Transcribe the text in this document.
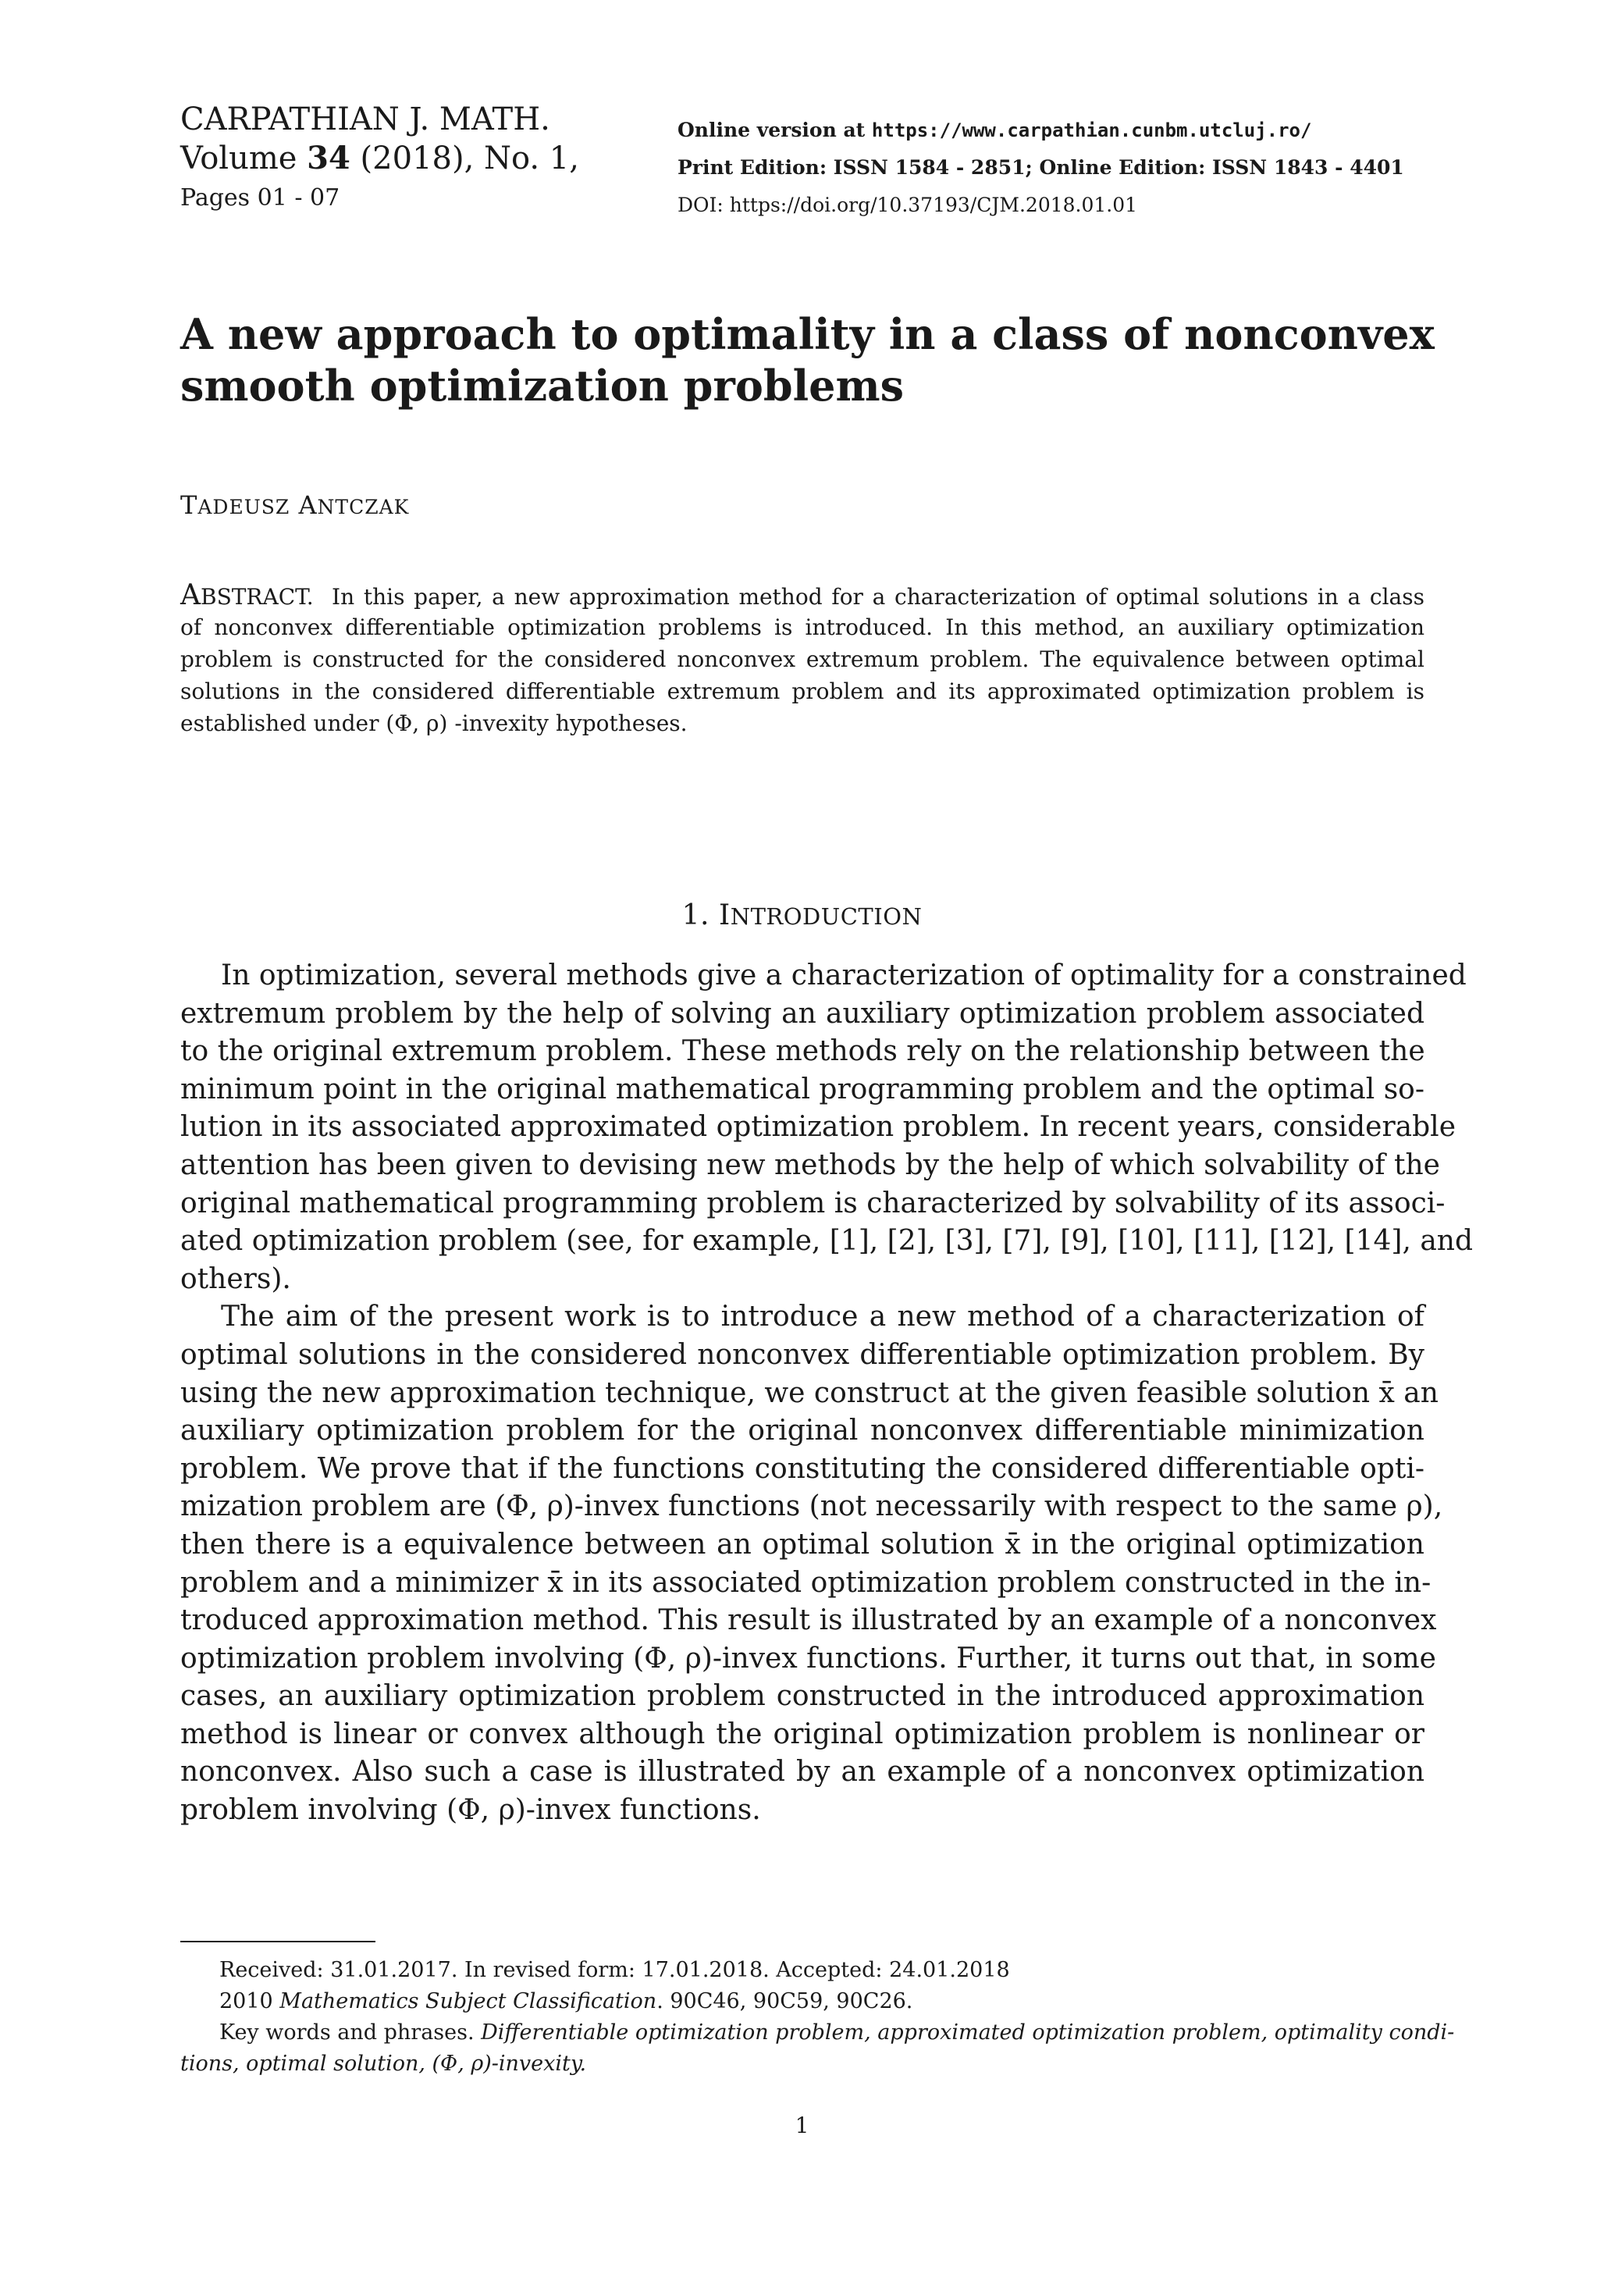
CARPATHIAN J. MATH.
Volume 34 (2018), No. 1,
Pages 01 - 07
Online version at https://www.carpathian.cunbm.utcluj.ro/
Print Edition: ISSN 1584 - 2851; Online Edition: ISSN 1843 - 4401
DOI: https://doi.org/10.37193/CJM.2018.01.01
A new approach to optimality in a class of nonconvex
smooth optimization problems
TADEUSZ ANTCZAK
ABSTRACT. In this paper, a new approximation method for a characterization of optimal solutions in a class
of nonconvex differentiable optimization problems is introduced. In this method, an auxiliary optimization
problem is constructed for the considered nonconvex extremum problem. The equivalence between optimal
solutions in the considered differentiable extremum problem and its approximated optimization problem is
established under (Φ, ρ) -invexity hypotheses.
1. INTRODUCTION
In optimization, several methods give a characterization of optimality for a constrained
extremum problem by the help of solving an auxiliary optimization problem associated
to the original extremum problem. These methods rely on the relationship between the
minimum point in the original mathematical programming problem and the optimal so-
lution in its associated approximated optimization problem. In recent years, considerable
attention has been given to devising new methods by the help of which solvability of the
original mathematical programming problem is characterized by solvability of its associ-
ated optimization problem (see, for example, [1], [2], [3], [7], [9], [10], [11], [12], [14], and
others).
The aim of the present work is to introduce a new method of a characterization of
optimal solutions in the considered nonconvex differentiable optimization problem. By
using the new approximation technique, we construct at the given feasible solution x̄ an
auxiliary optimization problem for the original nonconvex differentiable minimization
problem. We prove that if the functions constituting the considered differentiable opti-
mization problem are (Φ, ρ)-invex functions (not necessarily with respect to the same ρ),
then there is a equivalence between an optimal solution x̄ in the original optimization
problem and a minimizer x̄ in its associated optimization problem constructed in the in-
troduced approximation method. This result is illustrated by an example of a nonconvex
optimization problem involving (Φ, ρ)-invex functions. Further, it turns out that, in some
cases, an auxiliary optimization problem constructed in the introduced approximation
method is linear or convex although the original optimization problem is nonlinear or
nonconvex. Also such a case is illustrated by an example of a nonconvex optimization
problem involving (Φ, ρ)-invex functions.
Received: 31.01.2017. In revised form: 17.01.2018. Accepted: 24.01.2018
2010 Mathematics Subject Classification. 90C46, 90C59, 90C26.
Key words and phrases. Differentiable optimization problem, approximated optimization problem, optimality condi-
tions, optimal solution, (Φ, ρ)-invexity.
1
